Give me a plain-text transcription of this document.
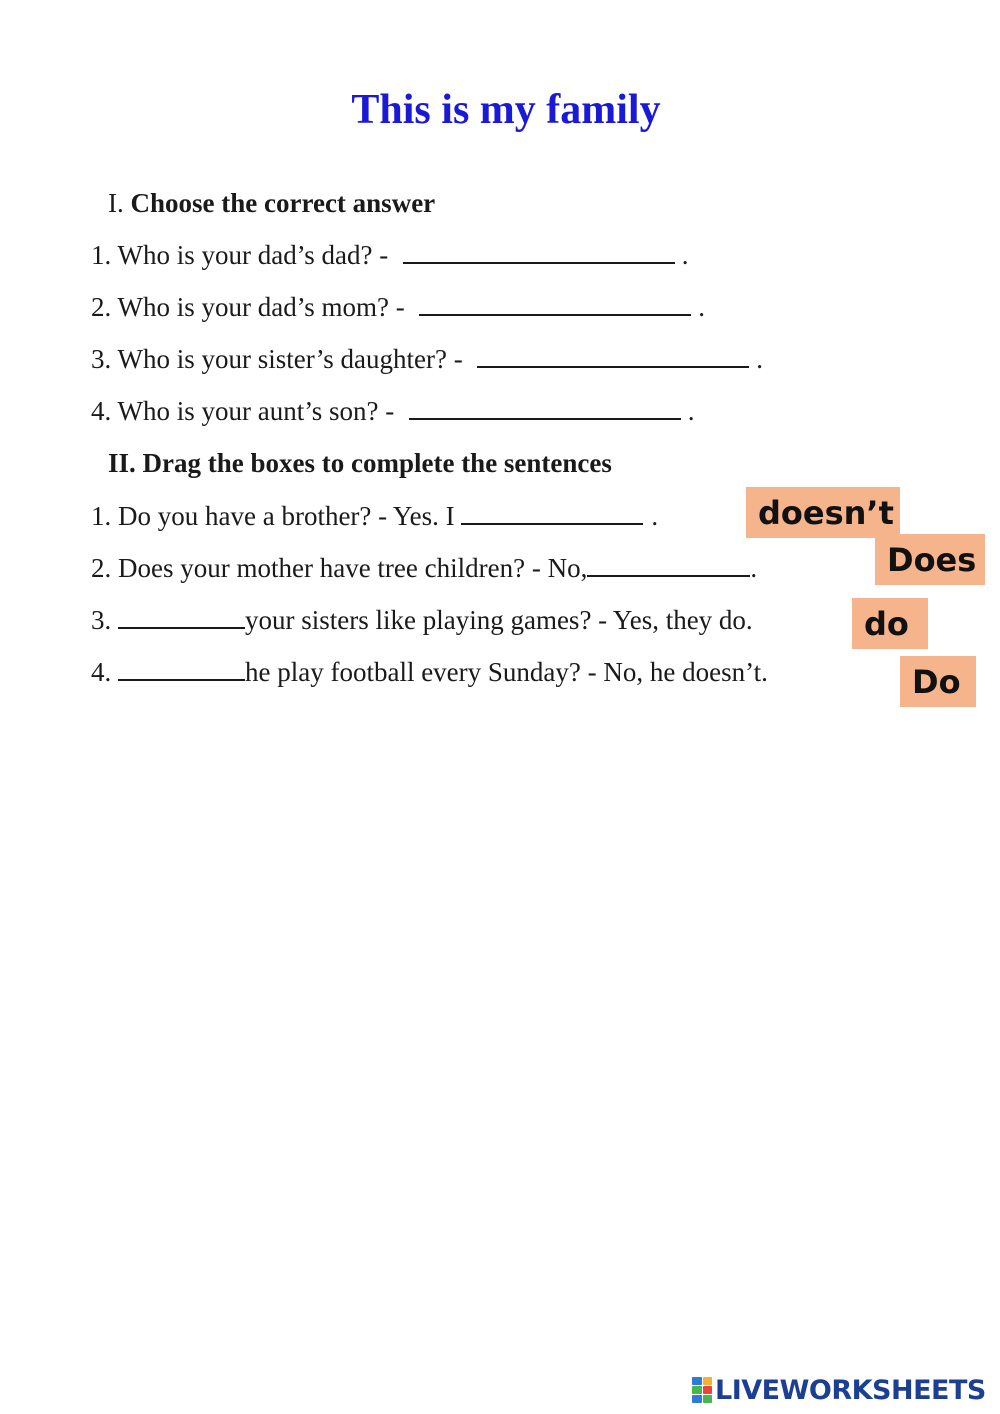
This is my family
I. Choose the correct answer
1. Who is your dad’s dad? -	.
2. Who is your dad’s mom? -	.
3. Who is your sister’s daughter? -	.
4. Who is your aunt’s son? -	.
II. Drag the boxes to complete the sentences
1. Do you have a brother? - Yes. I	.
2. Does your mother have tree children? - No,	.
3.	your sisters like playing games? - Yes, they do.
4.	he play football every Sunday? - No, he doesn’t.
doesn’t
Does
do
Do
LIVEWORKSHEETS
